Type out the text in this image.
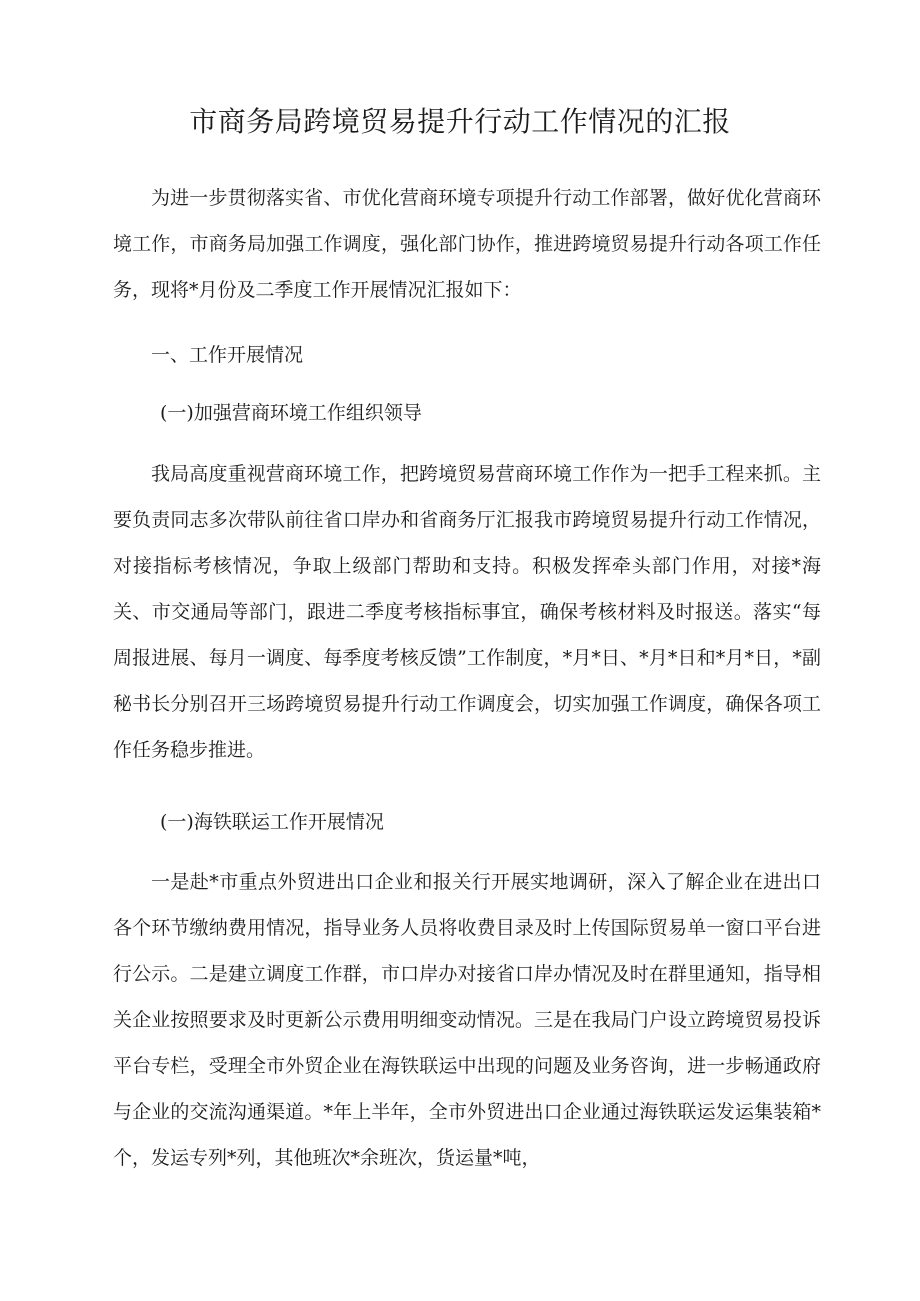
市商务局跨境贸易提升行动工作情况的汇报

为进一步贯彻落实省、市优化营商环境专项提升行动工作部署，做好优化营商环境工作，市商务局加强工作调度，强化部门协作，推进跨境贸易提升行动各项工作任务，现将*月份及二季度工作开展情况汇报如下：

一、工作开展情况
(一)加强营商环境工作组织领导

我局高度重视营商环境工作，把跨境贸易营商环境工作作为一把手工程来抓。主要负责同志多次带队前往省口岸办和省商务厅汇报我市跨境贸易提升行动工作情况，对接指标考核情况，争取上级部门帮助和支持。积极发挥牵头部门作用，对接*海关、市交通局等部门，跟进二季度考核指标事宜，确保考核材料及时报送。落实“每周报进展、每月一调度、每季度考核反馈”工作制度，*月*日、*月*日和*月*日，*副秘书长分别召开三场跨境贸易提升行动工作调度会，切实加强工作调度，确保各项工作任务稳步推进。

(一)海铁联运工作开展情况

一是赴*市重点外贸进出口企业和报关行开展实地调研，深入了解企业在进出口各个环节缴纳费用情况，指导业务人员将收费目录及时上传国际贸易单一窗口平台进行公示。二是建立调度工作群，市口岸办对接省口岸办情况及时在群里通知，指导相关企业按照要求及时更新公示费用明细变动情况。三是在我局门户设立跨境贸易投诉平台专栏，受理全市外贸企业在海铁联运中出现的问题及业务咨询，进一步畅通政府与企业的交流沟通渠道。*年上半年，全市外贸进出口企业通过海铁联运发运集装箱*个，发运专列*列，其他班次*余班次，货运量*吨，
